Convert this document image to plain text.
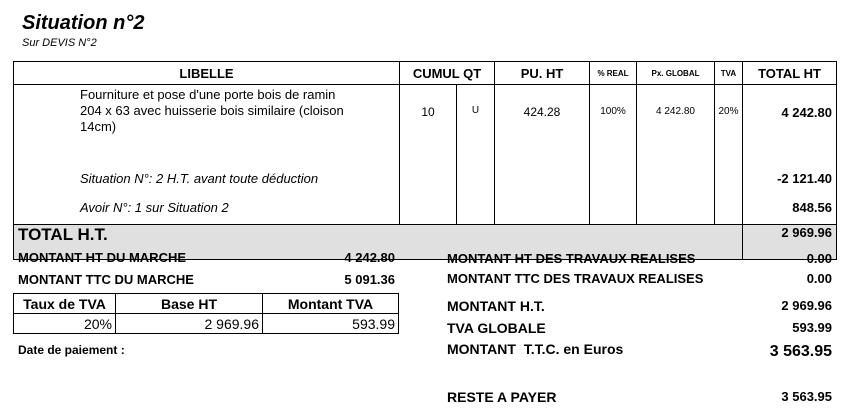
Situation n°2
Sur DEVIS N°2
LIBELLE	CUMUL QT		PU. HT	% REAL	Px. GLOBAL	TVA	TOTAL HT

Fourniture et pose d'une porte bois de ramin
204 x 63 avec huisserie bois similaire (cloison
14cm)	10	U	424.28	100%	4 242.80	20%	4 242.80
Situation N°: 2 H.T. avant toute déduction							-2 121.40
Avoir N°: 1 sur Situation 2							848.56
TOTAL H.T.							2 969.96
MONTANT HT DU MARCHE	4 242.80
MONTANT TTC DU MARCHE	5 091.36
Taux de TVA	Base HT	Montant TVA
20%	2 969.96	593.99
Date de paiement :
MONTANT HT DES TRAVAUX REALISES	0.00
MONTANT TTC DES TRAVAUX REALISES	0.00
MONTANT H.T.	2 969.96
TVA GLOBALE	593.99
MONTANT  T.T.C. en Euros	3 563.95
RESTE A PAYER	3 563.95
